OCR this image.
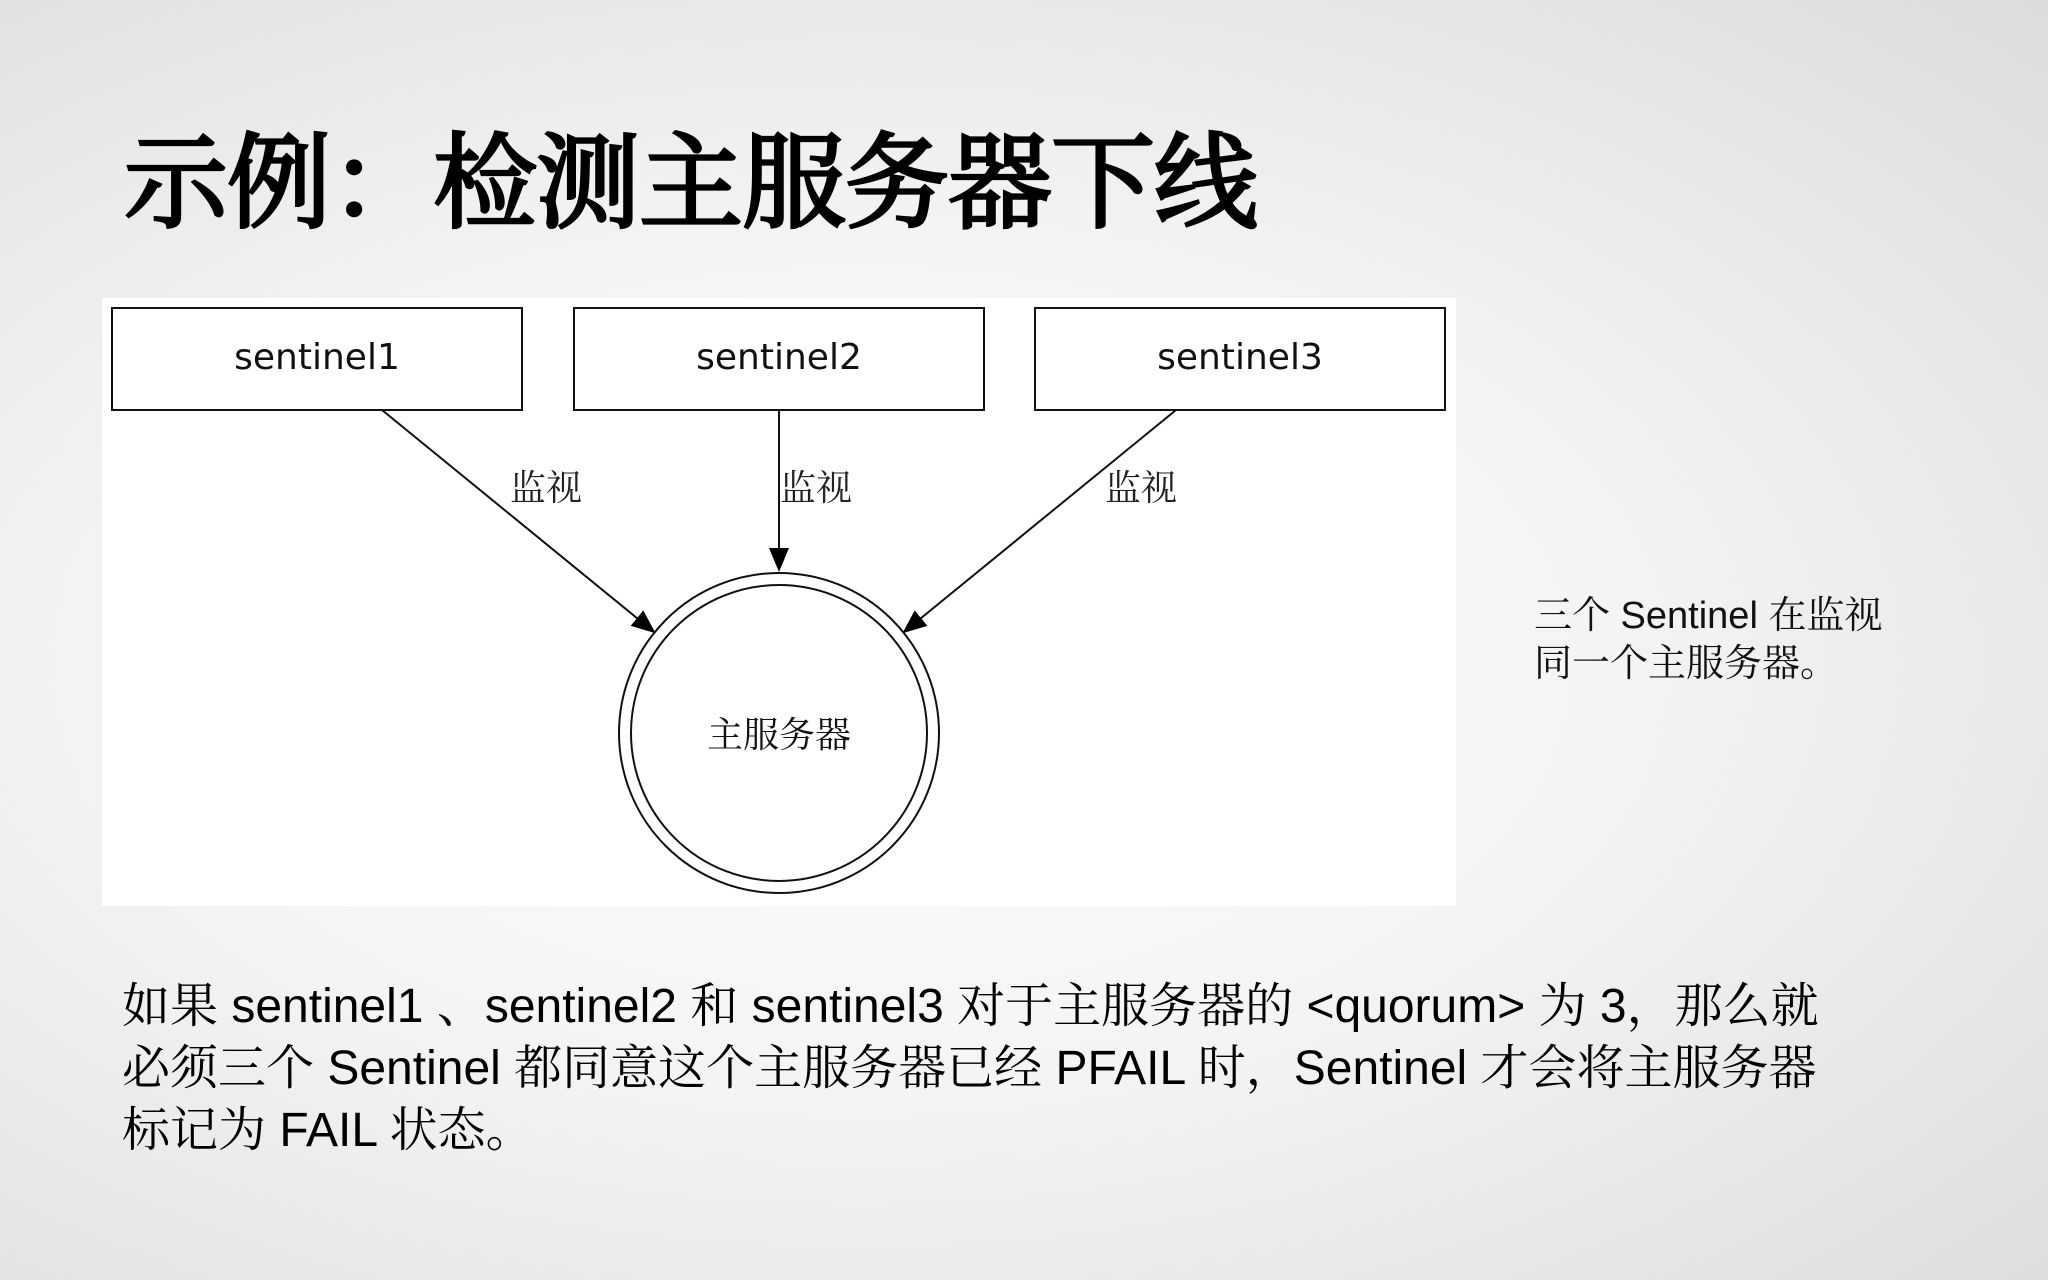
示例：检测主服务器下线
sentinel1	sentinel2	sentinel3
监视	监视	监视
主服务器

三个 Sentinel 在监视
同一个主服务器。

如果 sentinel1 、sentinel2 和 sentinel3 对于主服务器的 <quorum> 为 3，那么就
必须三个 Sentinel 都同意这个主服务器已经 PFAIL 时，Sentinel 才会将主服务器
标记为 FAIL 状态。
